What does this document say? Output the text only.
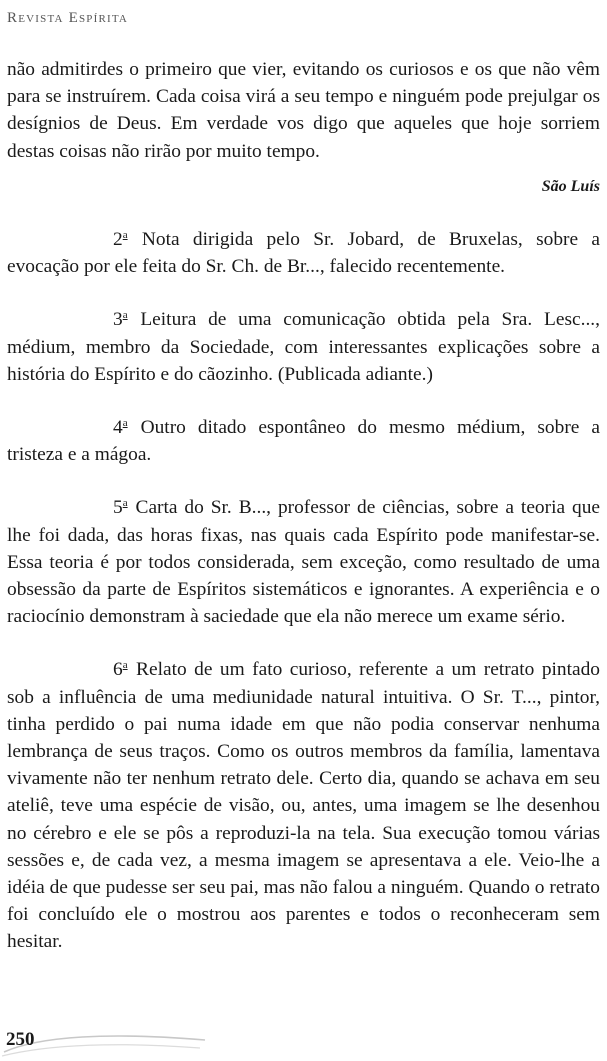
Revista Espírita

não admitirdes o primeiro que vier, evitando os curiosos e os que não vêm para se instruírem. Cada coisa virá a seu tempo e ninguém pode prejulgar os desígnios de Deus. Em verdade vos digo que aqueles que hoje sorriem destas coisas não rirão por muito tempo.

São Luís

2$^a$ Nota dirigida pelo Sr. Jobard, de Bruxelas, sobre a evocação por ele feita do Sr. Ch. de Br..., falecido recentemente.

3$^a$ Leitura de uma comunicação obtida pela Sra. Lesc..., médium, membro da Sociedade, com interessantes explicações sobre a história do Espírito e do cãozinho. (Publicada adiante.)

4$^a$ Outro ditado espontâneo do mesmo médium, sobre a tristeza e a mágoa.

5$^a$ Carta do Sr. B..., professor de ciências, sobre a teoria que lhe foi dada, das horas fixas, nas quais cada Espírito pode manifestar-se. Essa teoria é por todos considerada, sem exceção, como resultado de uma obsessão da parte de Espíritos sistemáticos e ignorantes. A experiência e o raciocínio demonstram à saciedade que ela não merece um exame sério.

6$^a$ Relato de um fato curioso, referente a um retrato pintado sob a influência de uma mediunidade natural intuitiva. O Sr. T..., pintor, tinha perdido o pai numa idade em que não podia conservar nenhuma lembrança de seus traços. Como os outros membros da família, lamentava vivamente não ter nenhum retrato dele. Certo dia, quando se achava em seu ateliê, teve uma espécie de visão, ou, antes, uma imagem se lhe desenhou no cérebro e ele se pôs a reproduzi-la na tela. Sua execução tomou várias sessões e, de cada vez, a mesma imagem se apresentava a ele. Veio-lhe a idéia de que pudesse ser seu pai, mas não falou a ninguém. Quando o retrato foi concluído ele o mostrou aos parentes e todos o reconheceram sem hesitar.

250
